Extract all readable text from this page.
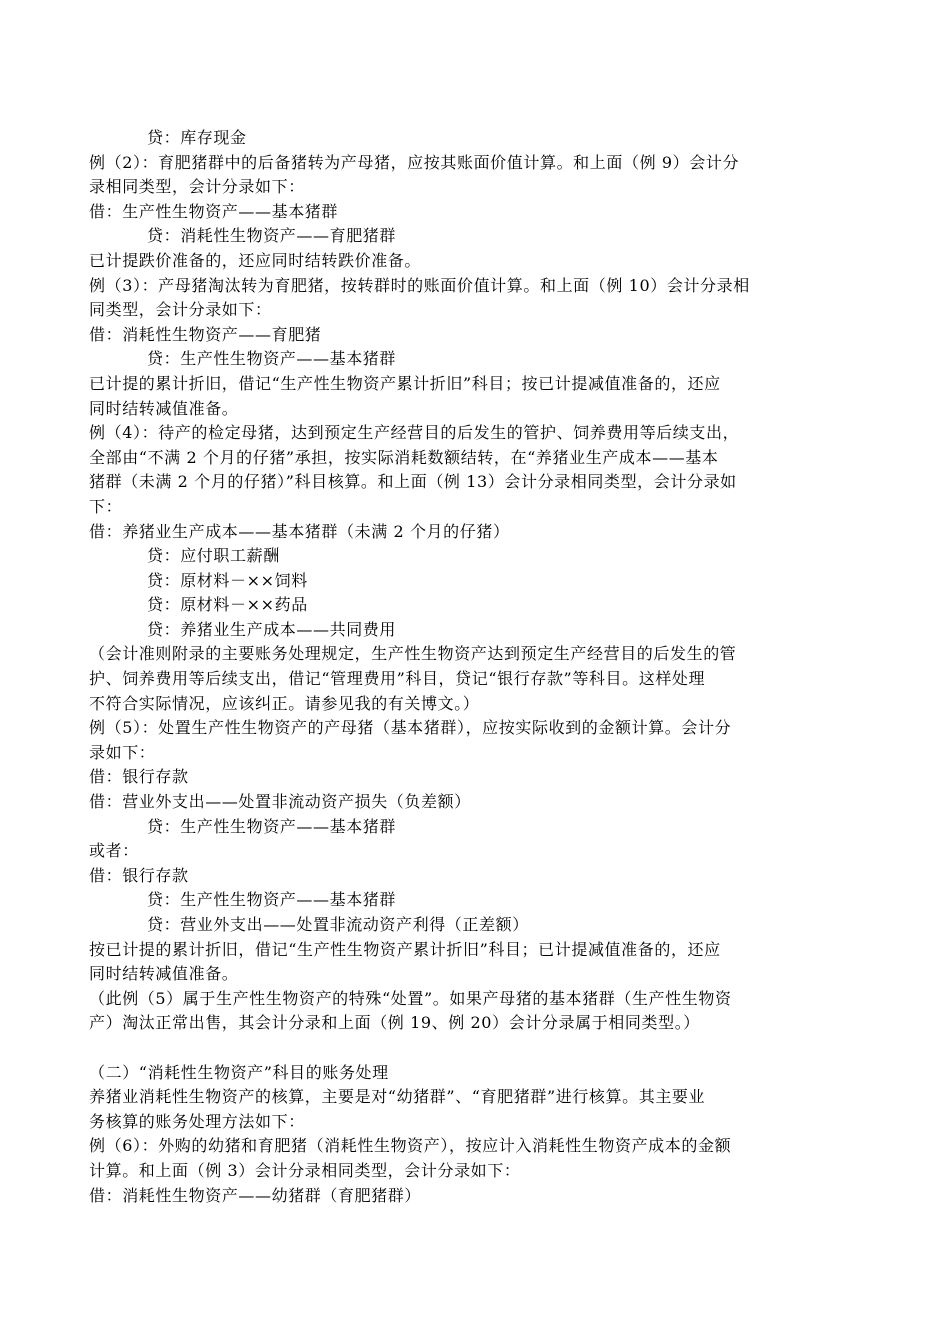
贷：库存现金
例（2）：育肥猪群中的后备猪转为产母猪，应按其账面价值计算。和上面（例 9）会计分
录相同类型，会计分录如下：
借：生产性生物资产——基本猪群
贷：消耗性生物资产——育肥猪群
已计提跌价准备的，还应同时结转跌价准备。
例（3）：产母猪淘汰转为育肥猪，按转群时的账面价值计算。和上面（例 10）会计分录相
同类型，会计分录如下：
借：消耗性生物资产——育肥猪
贷：生产性生物资产——基本猪群
已计提的累计折旧，借记“生产性生物资产累计折旧”科目；按已计提减值准备的，还应
同时结转减值准备。
例（4）：待产的检定母猪，达到预定生产经营目的后发生的管护、饲养费用等后续支出，
全部由“不满 2 个月的仔猪”承担，按实际消耗数额结转，在“养猪业生产成本——基本
猪群（未满 2 个月的仔猪）”科目核算。和上面（例 13）会计分录相同类型，会计分录如
下：
借：养猪业生产成本——基本猪群（未满 2 个月的仔猪）
贷：应付职工薪酬
贷：原材料－××饲料
贷：原材料－××药品
贷：养猪业生产成本——共同费用
（会计准则附录的主要账务处理规定，生产性生物资产达到预定生产经营目的后发生的管
护、饲养费用等后续支出，借记“管理费用”科目，贷记“银行存款”等科目。这样处理
不符合实际情况，应该纠正。请参见我的有关博文。）
例（5）：处置生产性生物资产的产母猪（基本猪群），应按实际收到的金额计算。会计分
录如下：
借：银行存款
借：营业外支出——处置非流动资产损失（负差额）
贷：生产性生物资产——基本猪群
或者：
借：银行存款
贷：生产性生物资产——基本猪群
贷：营业外支出——处置非流动资产利得（正差额）
按已计提的累计折旧，借记“生产性生物资产累计折旧”科目；已计提减值准备的，还应
同时结转减值准备。
（此例（5）属于生产性生物资产的特殊“处置”。如果产母猪的基本猪群（生产性生物资
产）淘汰正常出售，其会计分录和上面（例 19、例 20）会计分录属于相同类型。）
（二）“消耗性生物资产”科目的账务处理
养猪业消耗性生物资产的核算，主要是对“幼猪群”、“育肥猪群”进行核算。其主要业
务核算的账务处理方法如下：
例（6）：外购的幼猪和育肥猪（消耗性生物资产），按应计入消耗性生物资产成本的金额
计算。和上面（例 3）会计分录相同类型，会计分录如下：
借：消耗性生物资产——幼猪群（育肥猪群）
